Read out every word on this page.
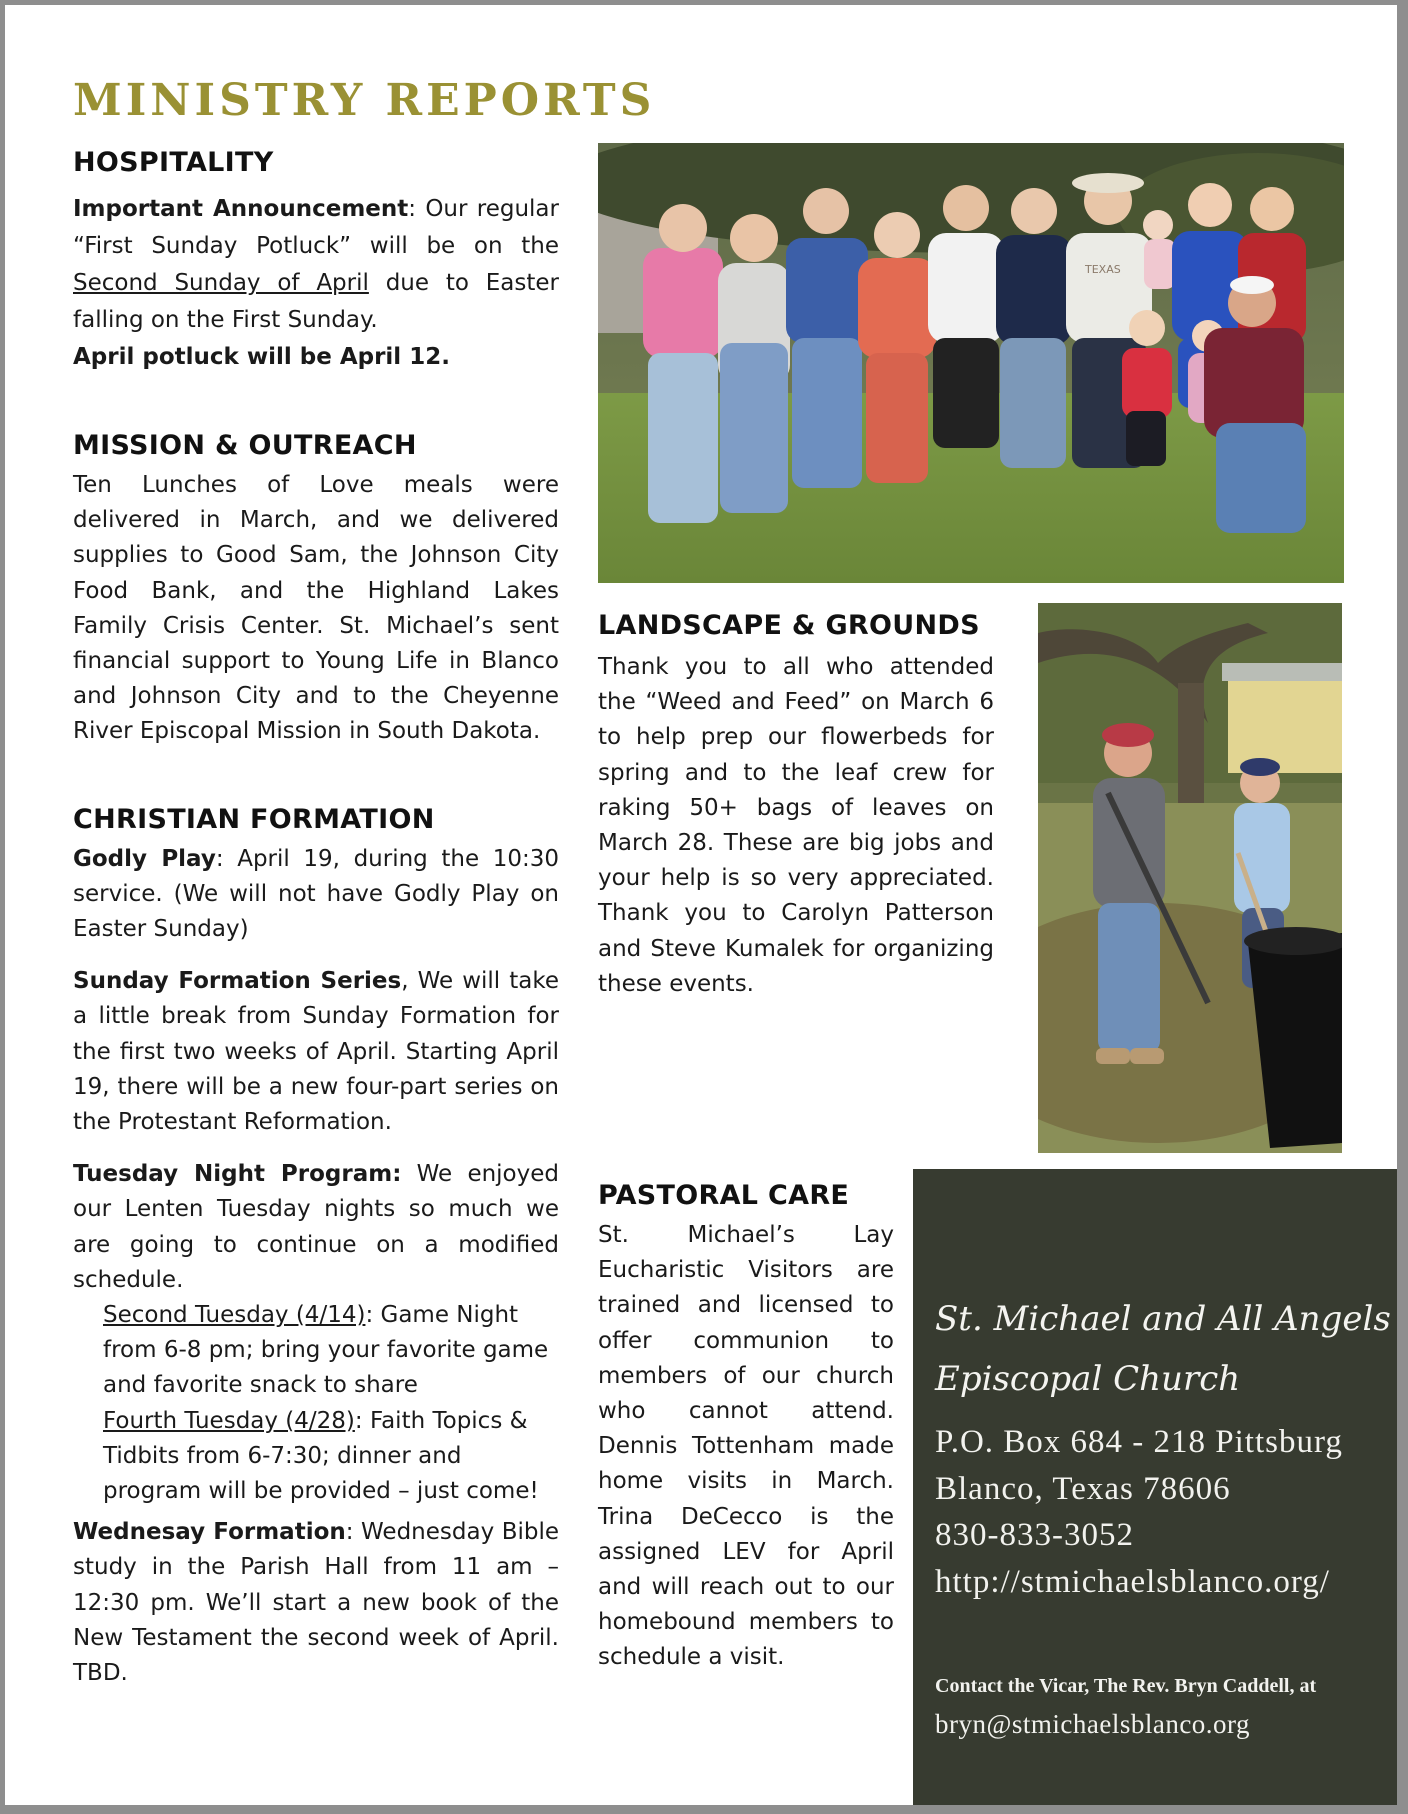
MINISTRY REPORTS
HOSPITALITY

Important Announcement: Our regular “First Sunday Potluck” will be on the Second Sunday of April due to Easter falling on the First Sunday.
April potluck will be April 12.

MISSION & OUTREACH

Ten Lunches of Love meals were delivered in March, and we delivered supplies to Good Sam, the Johnson City Food Bank, and the Highland Lakes Family Crisis Center. St. Michael’s sent financial support to Young Life in Blanco and Johnson City and to the Cheyenne River Episcopal Mission in South Dakota.

CHRISTIAN FORMATION

Godly Play: April 19, during the 10:30 service. (We will not have Godly Play on Easter Sunday)

Sunday Formation Series, We will take a little break from Sunday Formation for the first two weeks of April. Starting April 19, there will be a new four-part series on the Protestant Reformation.

Tuesday Night Program: We enjoyed our Lenten Tuesday nights so much we are going to continue on a modified schedule.

Second Tuesday (4/14): Game Night from 6-8 pm; bring your favorite game and favorite snack to share

Fourth Tuesday (4/28): Faith Topics & Tidbits from 6-7:30; dinner and program will be provided – just come!

Wednesay Formation: Wednesday Bible study in the Parish Hall from 11 am – 12:30 pm. We’ll start a new book of the New Testament the second week of April. TBD.

TEXAS
LANDSCAPE & GROUNDS

Thank you to all who attended the “Weed and Feed” on March 6 to help prep our flowerbeds for spring and to the leaf crew for raking 50+ bags of leaves on March 28. These are big jobs and your help is so very appreciated. Thank you to Carolyn Patterson and Steve Kumalek for organizing these events.

PASTORAL CARE

St. Michael’s Lay Eucharistic Visitors are trained and licensed to offer communion to members of our church who cannot attend. Dennis Tottenham made home visits in March. Trina DeCecco is the assigned LEV for April and will reach out to our homebound members to schedule a visit.

St. Michael and All Angels
Episcopal Church
P.O. Box 684 - 218 Pittsburg
Blanco, Texas 78606
830-833-3052
http://stmichaelsblanco.org/
Contact the Vicar, The Rev. Bryn Caddell, at
bryn@stmichaelsblanco.org
